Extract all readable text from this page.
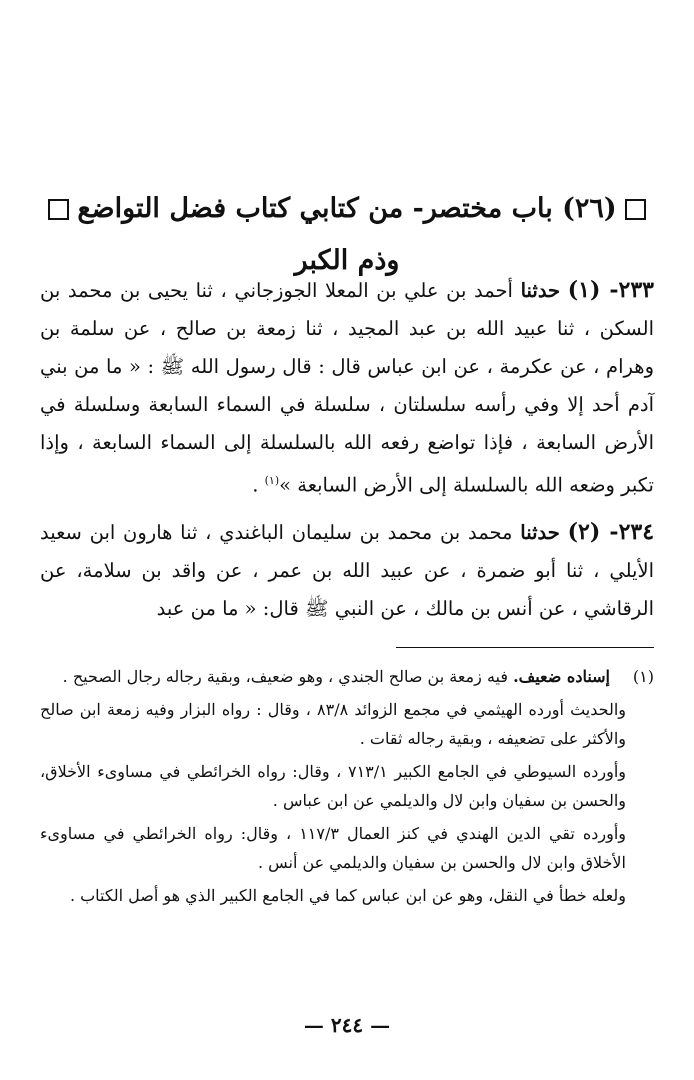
(٢٦) باب مختصر- من كتابي كتاب فضل التواضع
وذم الكبر
٢٣٣- (١) حدثنا أحمد بن علي بن المعلا الجوزجاني ، ثنا يحيى بن محمد بن السكن ، ثنا عبيد الله بن عبد المجيد ، ثنا زمعة بن صالح ، عن سلمة بن وهرام ، عن عكرمة ، عن ابن عباس قال : قال رسول الله ﷺ : « ما من بني آدم أحد إلا وفي رأسه سلسلتان ، سلسلة في السماء السابعة وسلسلة في الأرض السابعة ، فإذا تواضع رفعه الله بالسلسلة إلى السماء السابعة ، وإذا تكبر وضعه الله بالسلسلة إلى الأرض السابعة »$^{(١)}$ .
٢٣٤- (٢) حدثنا محمد بن محمد بن سليمان الباغندي ، ثنا هارون ابن سعيد الأيلي ، ثنا أبو ضمرة ، عن عبيد الله بن عمر ، عن واقد بن سلامة، عن الرقاشي ، عن أنس بن مالك ، عن النبي ﷺ قال: « ما من عبد
(١)
إسناده ضعيف. فيه زمعة بن صالح الجندي ، وهو ضعيف، وبقية رجاله رجال الصحيح .
والحديث أورده الهيثمي في مجمع الزوائد ٨٣/٨ ، وقال : رواه البزار وفيه زمعة ابن صالح والأكثر على تضعيفه ، وبقية رجاله ثقات .
وأورده السيوطي في الجامع الكبير ٧١٣/١ ، وقال: رواه الخرائطي في مساوىء الأخلاق، والحسن بن سفيان وابن لال والديلمي عن ابن عباس .
وأورده تقي الدين الهندي في كنز العمال ١١٧/٣ ، وقال: رواه الخرائطي في مساوىء الأخلاق وابن لال والحسن بن سفيان والديلمي عن أنس .
ولعله خطأ في النقل، وهو عن ابن عباس كما في الجامع الكبير الذي هو أصل الكتاب .
— ٢٤٤ —
